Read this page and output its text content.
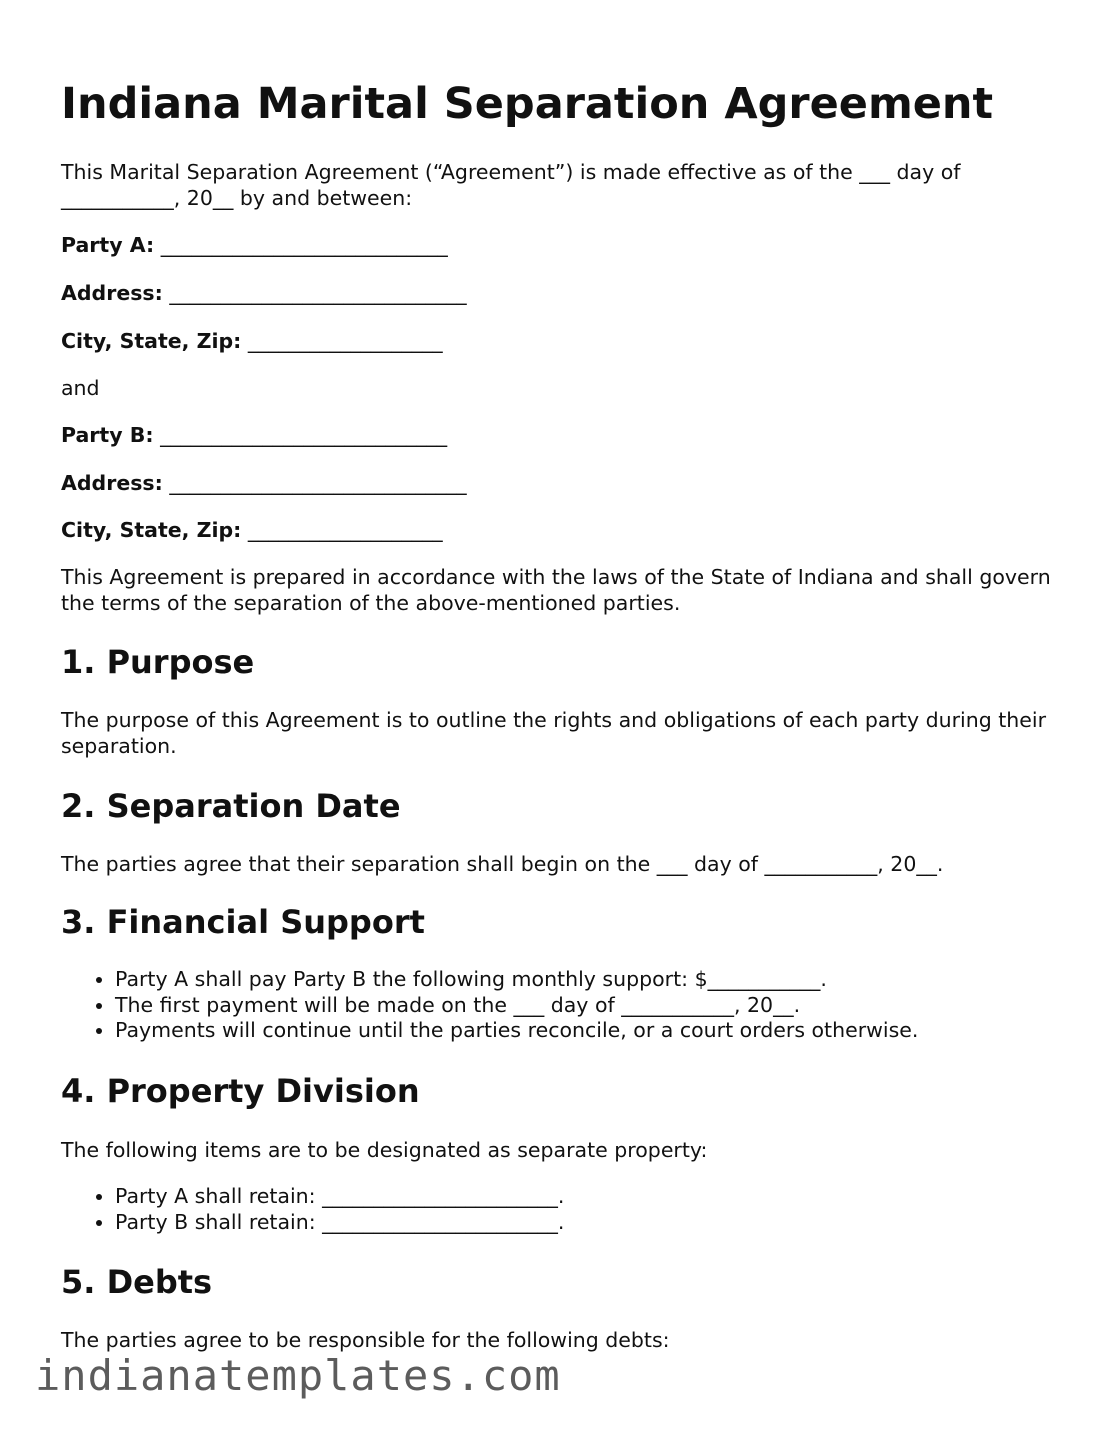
Indiana Marital Separation Agreement

This Marital Separation Agreement (“Agreement”) is made effective as of the ___ day of ___________, 20__ by and between:

Party A: ____________________________
Address: _____________________________
City, State, Zip: ___________________

and

Party B: ____________________________
Address: _____________________________
City, State, Zip: ___________________

This Agreement is prepared in accordance with the laws of the State of Indiana and shall govern the terms of the separation of the above-mentioned parties.

1. Purpose

The purpose of this Agreement is to outline the rights and obligations of each party during their separation.

2. Separation Date

The parties agree that their separation shall begin on the ___ day of ___________, 20__.

3. Financial Support
• Party A shall pay Party B the following monthly support: $___________.
• The first payment will be made on the ___ day of ___________, 20__.
• Payments will continue until the parties reconcile, or a court orders otherwise.
4. Property Division

The following items are to be designated as separate property:

• Party A shall retain: _______________________.
• Party B shall retain: _______________________.
5. Debts

The parties agree to be responsible for the following debts:

indianatemplates.com
